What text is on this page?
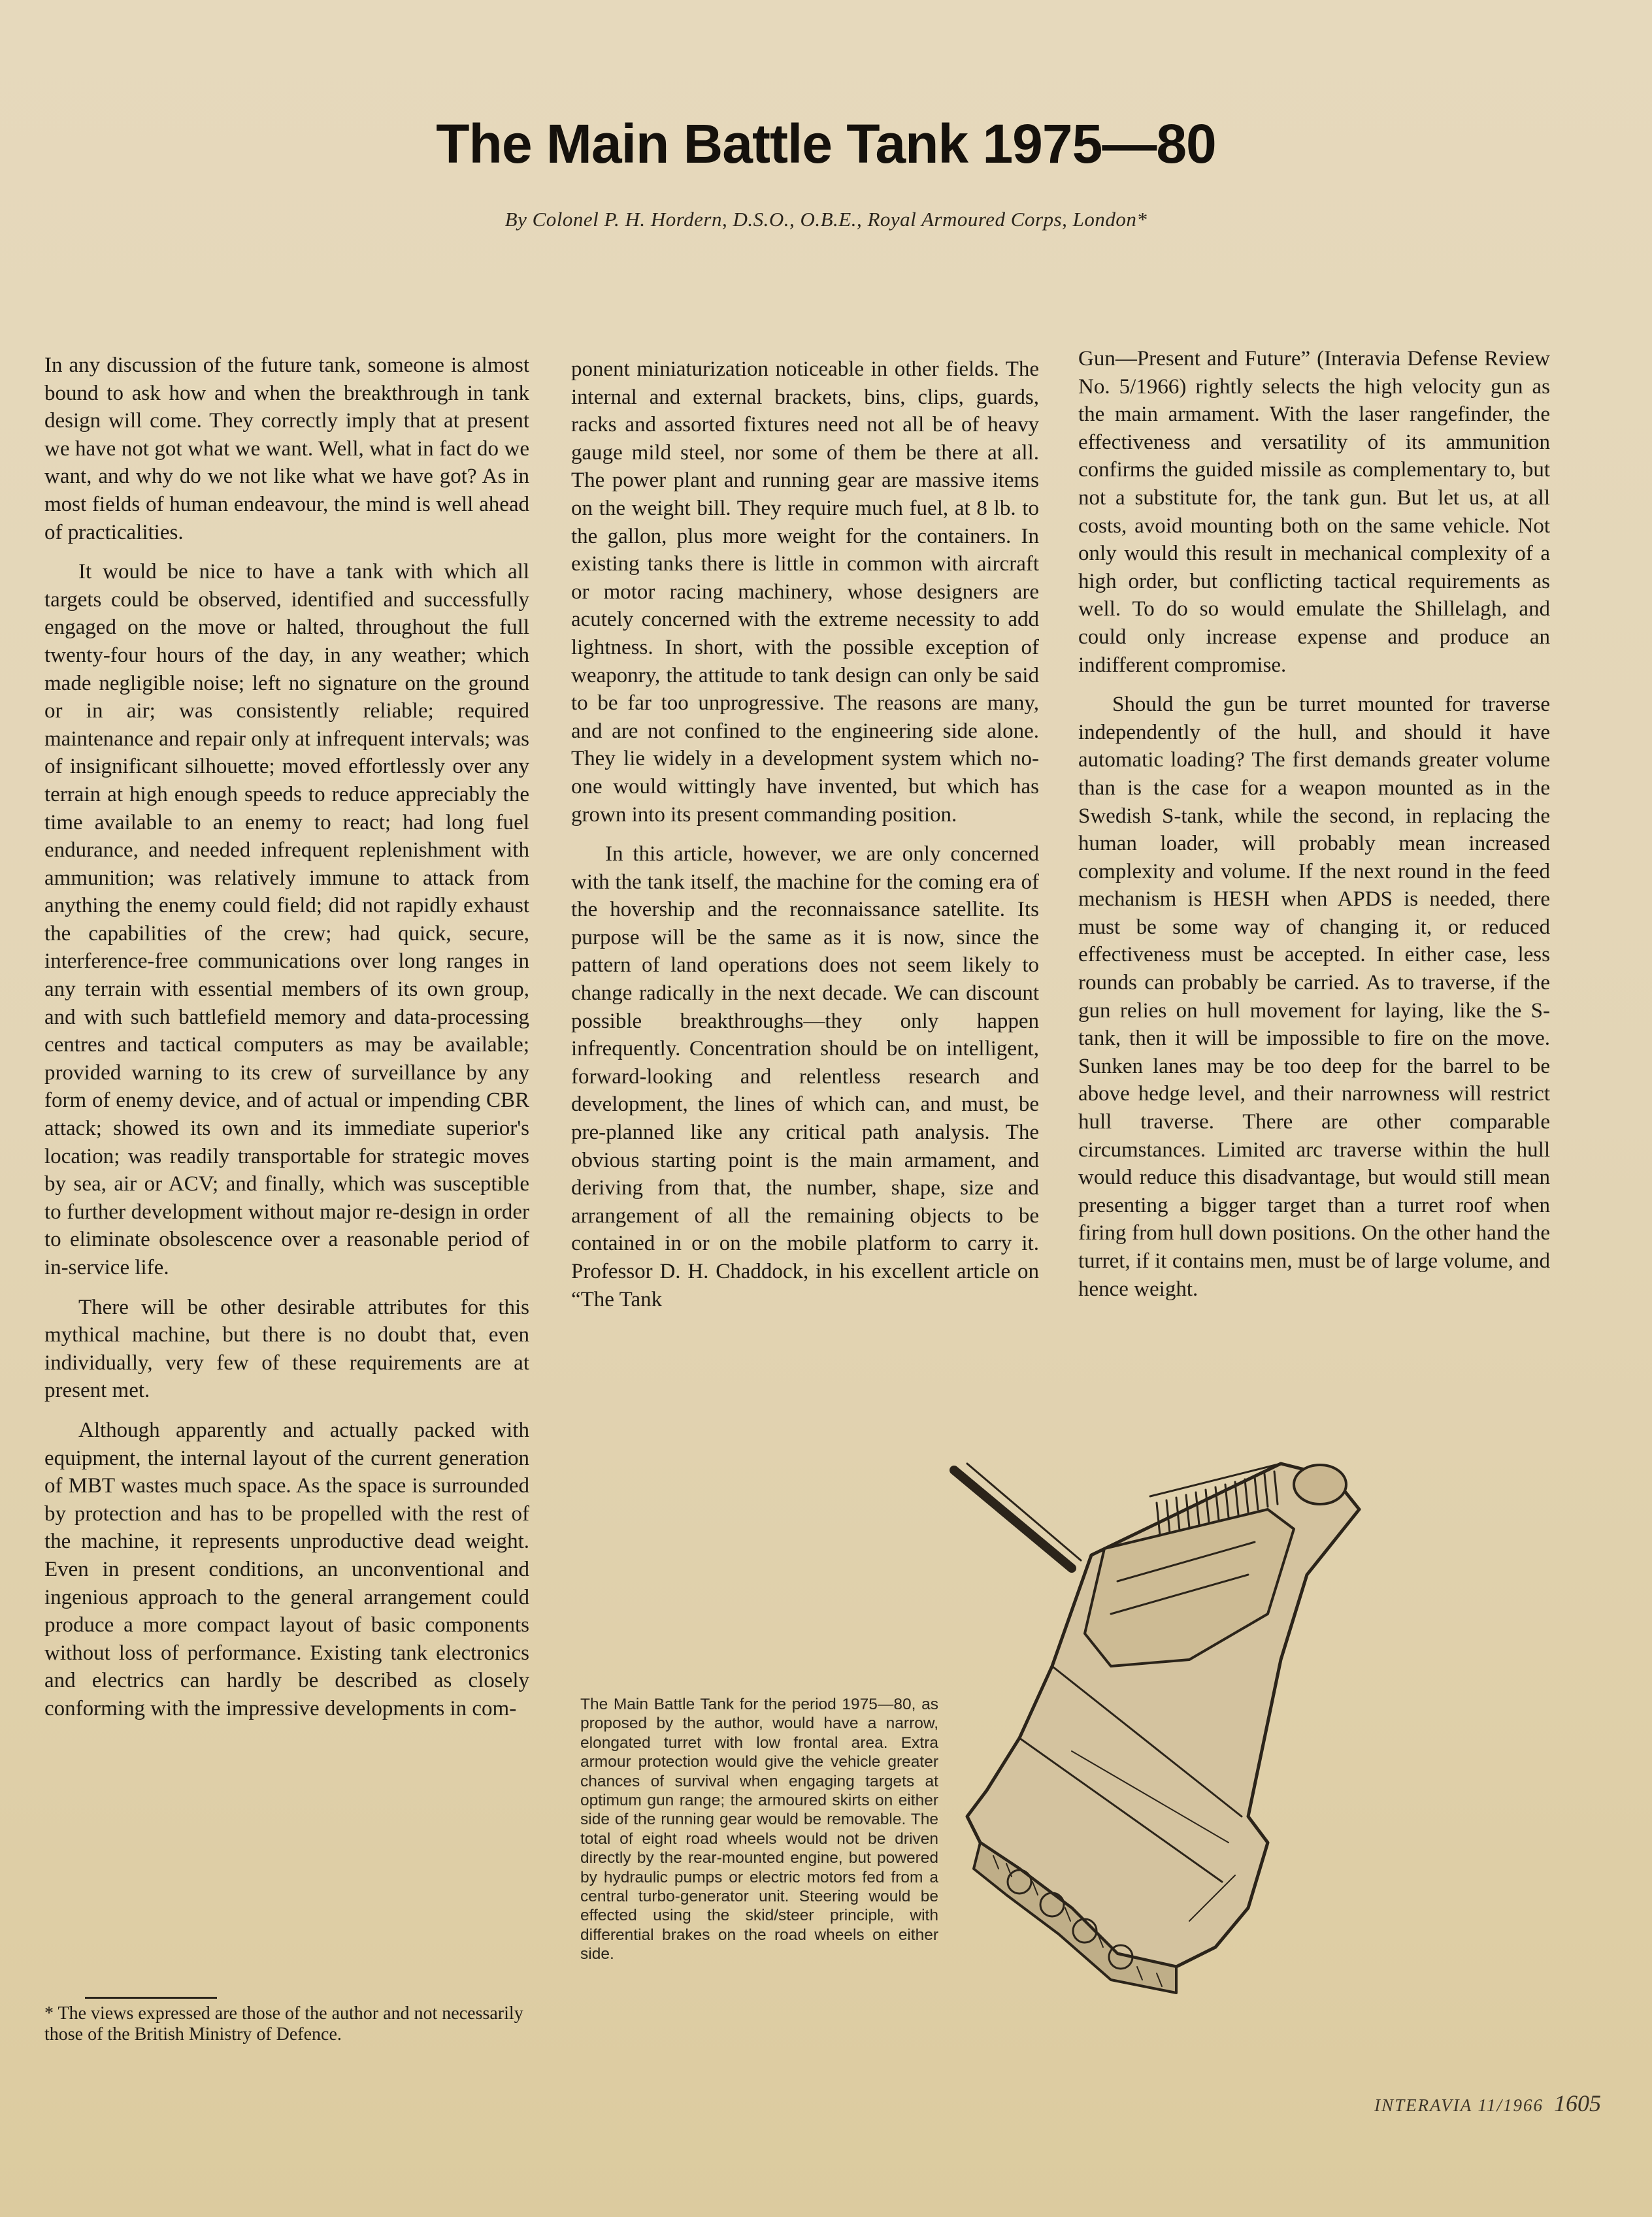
The Main Battle Tank 1975—80
By Colonel P. H. Hordern, D.S.O., O.B.E., Royal Armoured Corps, London*

In any discussion of the future tank, someone is almost bound to ask how and when the breakthrough in tank design will come. They correctly imply that at present we have not got what we want. Well, what in fact do we want, and why do we not like what we have got? As in most fields of human endeavour, the mind is well ahead of practicalities.

It would be nice to have a tank with which all targets could be observed, identified and successfully engaged on the move or halted, throughout the full twenty-four hours of the day, in any weather; which made negligible noise; left no signature on the ground or in air; was consistently reliable; required maintenance and repair only at infrequent intervals; was of insignificant silhouette; moved effortlessly over any terrain at high enough speeds to reduce appreciably the time available to an enemy to react; had long fuel endurance, and needed infrequent replenishment with ammunition; was relatively immune to attack from anything the enemy could field; did not rapidly exhaust the capabilities of the crew; had quick, secure, interference-free communications over long ranges in any terrain with essential members of its own group, and with such battlefield memory and data-processing centres and tactical computers as may be available; provided warning to its crew of surveillance by any form of enemy device, and of actual or impending CBR attack; showed its own and its immediate superior's location; was readily transportable for strategic moves by sea, air or ACV; and finally, which was susceptible to further development without major re-design in order to eliminate obsolescence over a reasonable period of in-service life.

There will be other desirable attributes for this mythical machine, but there is no doubt that, even individually, very few of these requirements are at present met.

Although apparently and actually packed with equipment, the internal layout of the current generation of MBT wastes much space. As the space is surrounded by protection and has to be propelled with the rest of the machine, it represents unproductive dead weight. Even in present conditions, an unconventional and ingenious approach to the general arrangement could produce a more compact layout of basic components without loss of performance. Existing tank electronics and electrics can hardly be described as closely conforming with the impressive developments in com-

ponent miniaturization noticeable in other fields. The internal and external brackets, bins, clips, guards, racks and assorted fixtures need not all be of heavy gauge mild steel, nor some of them be there at all. The power plant and running gear are massive items on the weight bill. They require much fuel, at 8 lb. to the gallon, plus more weight for the containers. In existing tanks there is little in common with aircraft or motor racing machinery, whose designers are acutely concerned with the extreme necessity to add lightness. In short, with the possible exception of weaponry, the attitude to tank design can only be said to be far too unprogressive. The reasons are many, and are not confined to the engineering side alone. They lie widely in a development system which no-one would wittingly have invented, but which has grown into its present commanding position.

In this article, however, we are only concerned with the tank itself, the machine for the coming era of the hovership and the reconnaissance satellite. Its purpose will be the same as it is now, since the pattern of land operations does not seem likely to change radically in the next decade. We can discount possible breakthroughs—they only happen infrequently. Concentration should be on intelligent, forward-looking and relentless research and development, the lines of which can, and must, be pre-planned like any critical path analysis. The obvious starting point is the main armament, and deriving from that, the number, shape, size and arrangement of all the remaining objects to be contained in or on the mobile platform to carry it. Professor D. H. Chaddock, in his excellent article on “The Tank

Gun—Present and Future” (Interavia Defense Review No. 5/1966) rightly selects the high velocity gun as the main armament. With the laser rangefinder, the effectiveness and versatility of its ammunition confirms the guided missile as complementary to, but not a substitute for, the tank gun. But let us, at all costs, avoid mounting both on the same vehicle. Not only would this result in mechanical complexity of a high order, but conflicting tactical requirements as well. To do so would emulate the Shillelagh, and could only increase expense and produce an indifferent compromise.

Should the gun be turret mounted for traverse independently of the hull, and should it have automatic loading? The first demands greater volume than is the case for a weapon mounted as in the Swedish S-tank, while the second, in replacing the human loader, will probably mean increased complexity and volume. If the next round in the feed mechanism is HESH when APDS is needed, there must be some way of changing it, or reduced effectiveness must be accepted. In either case, less rounds can probably be carried. As to traverse, if the gun relies on hull movement for laying, like the S-tank, then it will be impossible to fire on the move. Sunken lanes may be too deep for the barrel to be above hedge level, and their narrowness will restrict hull traverse. There are other comparable circumstances. Limited arc traverse within the hull would reduce this disadvantage, but would still mean presenting a bigger target than a turret roof when firing from hull down positions. On the other hand the turret, if it contains men, must be of large volume, and hence weight.

* The views expressed are those of the author and not necessarily those of the British Ministry of Defence.
The Main Battle Tank for the period 1975—80, as proposed by the author, would have a narrow, elongated turret with low frontal area. Extra armour protection would give the vehicle greater chances of survival when engaging targets at optimum gun range; the armoured skirts on either side of the running gear would be removable. The total of eight road wheels would not be driven directly by the rear-mounted engine, but powered by hydraulic pumps or electric motors fed from a central turbo-generator unit. Steering would be effected using the skid/steer principle, with differential brakes on the road wheels on either side.
INTERAVIA 11/1966 1605
